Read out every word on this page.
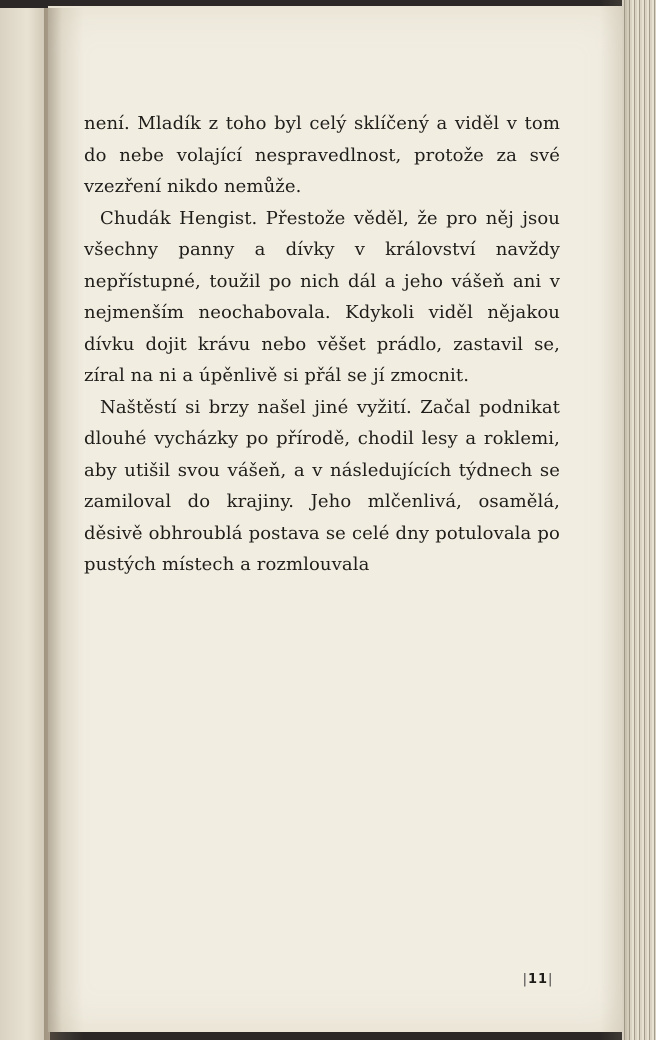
není. Mladík z toho byl celý sklíčený a viděl v tom do nebe volající nespravedlnost, protože za své vzezření nikdo nemůže.

Chudák Hengist. Přestože věděl, že pro něj jsou všechny panny a dívky v království navždy nepřístupné, toužil po nich dál a jeho vášeň ani v nejmenším neochabovala. Kdykoli viděl nějakou dívku dojit krávu nebo věšet prádlo, zastavil se, zíral na ni a úpěnlivě si přál se jí zmocnit.

Naštěstí si brzy našel jiné vyžití. Začal podnikat dlouhé vycházky po přírodě, chodil lesy a roklemi, aby utišil svou vášeň, a v následujících týdnech se zamiloval do krajiny. Jeho mlčenlivá, osamělá, děsivě obhroublá postava se celé dny potulovala po pustých místech a rozmlouvala

|11|
